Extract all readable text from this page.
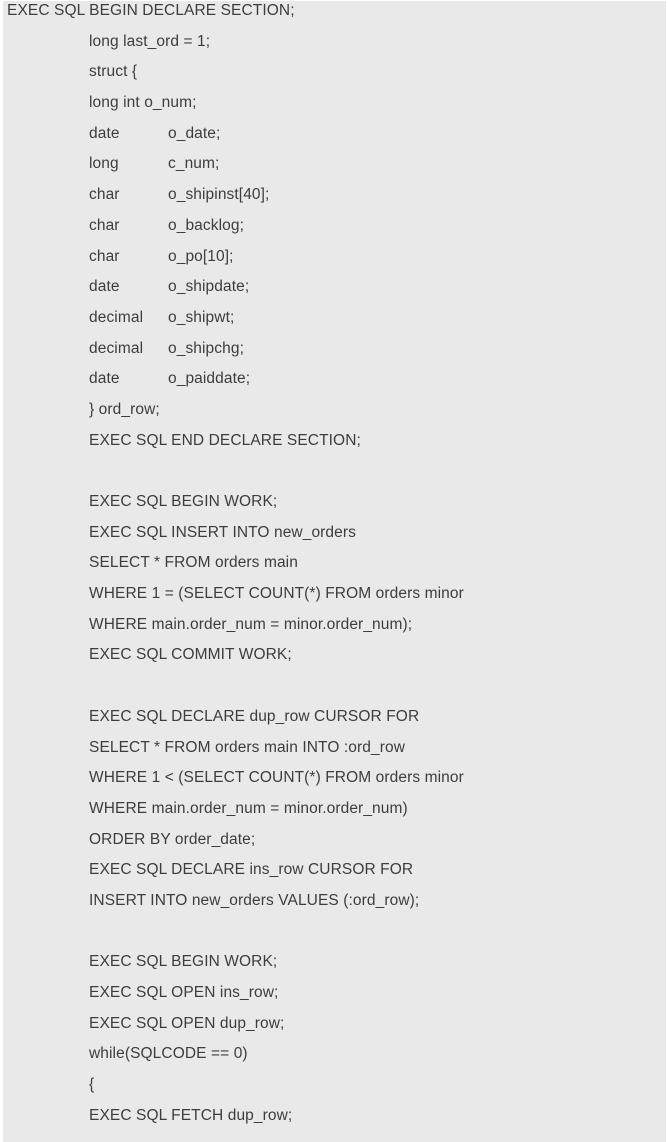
EXEC SQL BEGIN DECLARE SECTION;
long last_ord = 1;
struct {
long int o_num;
date	o_date;
long	c_num;
char	o_shipinst[40];
char	o_backlog;
char	o_po[10];
date	o_shipdate;
decimal o_shipwt;
decimal o_shipchg;
date	o_paiddate;
} ord_row;
EXEC SQL END DECLARE SECTION;
EXEC SQL BEGIN WORK;
EXEC SQL INSERT INTO new_orders
SELECT * FROM orders main
WHERE 1 = (SELECT COUNT(*) FROM orders minor
WHERE main.order_num = minor.order_num);
EXEC SQL COMMIT WORK;
EXEC SQL DECLARE dup_row CURSOR FOR
SELECT * FROM orders main INTO :ord_row
WHERE 1 < (SELECT COUNT(*) FROM orders minor
WHERE main.order_num = minor.order_num)
ORDER BY order_date;
EXEC SQL DECLARE ins_row CURSOR FOR
INSERT INTO new_orders VALUES (:ord_row);
EXEC SQL BEGIN WORK;
EXEC SQL OPEN ins_row;
EXEC SQL OPEN dup_row;
while(SQLCODE == 0)
{
EXEC SQL FETCH dup_row;
